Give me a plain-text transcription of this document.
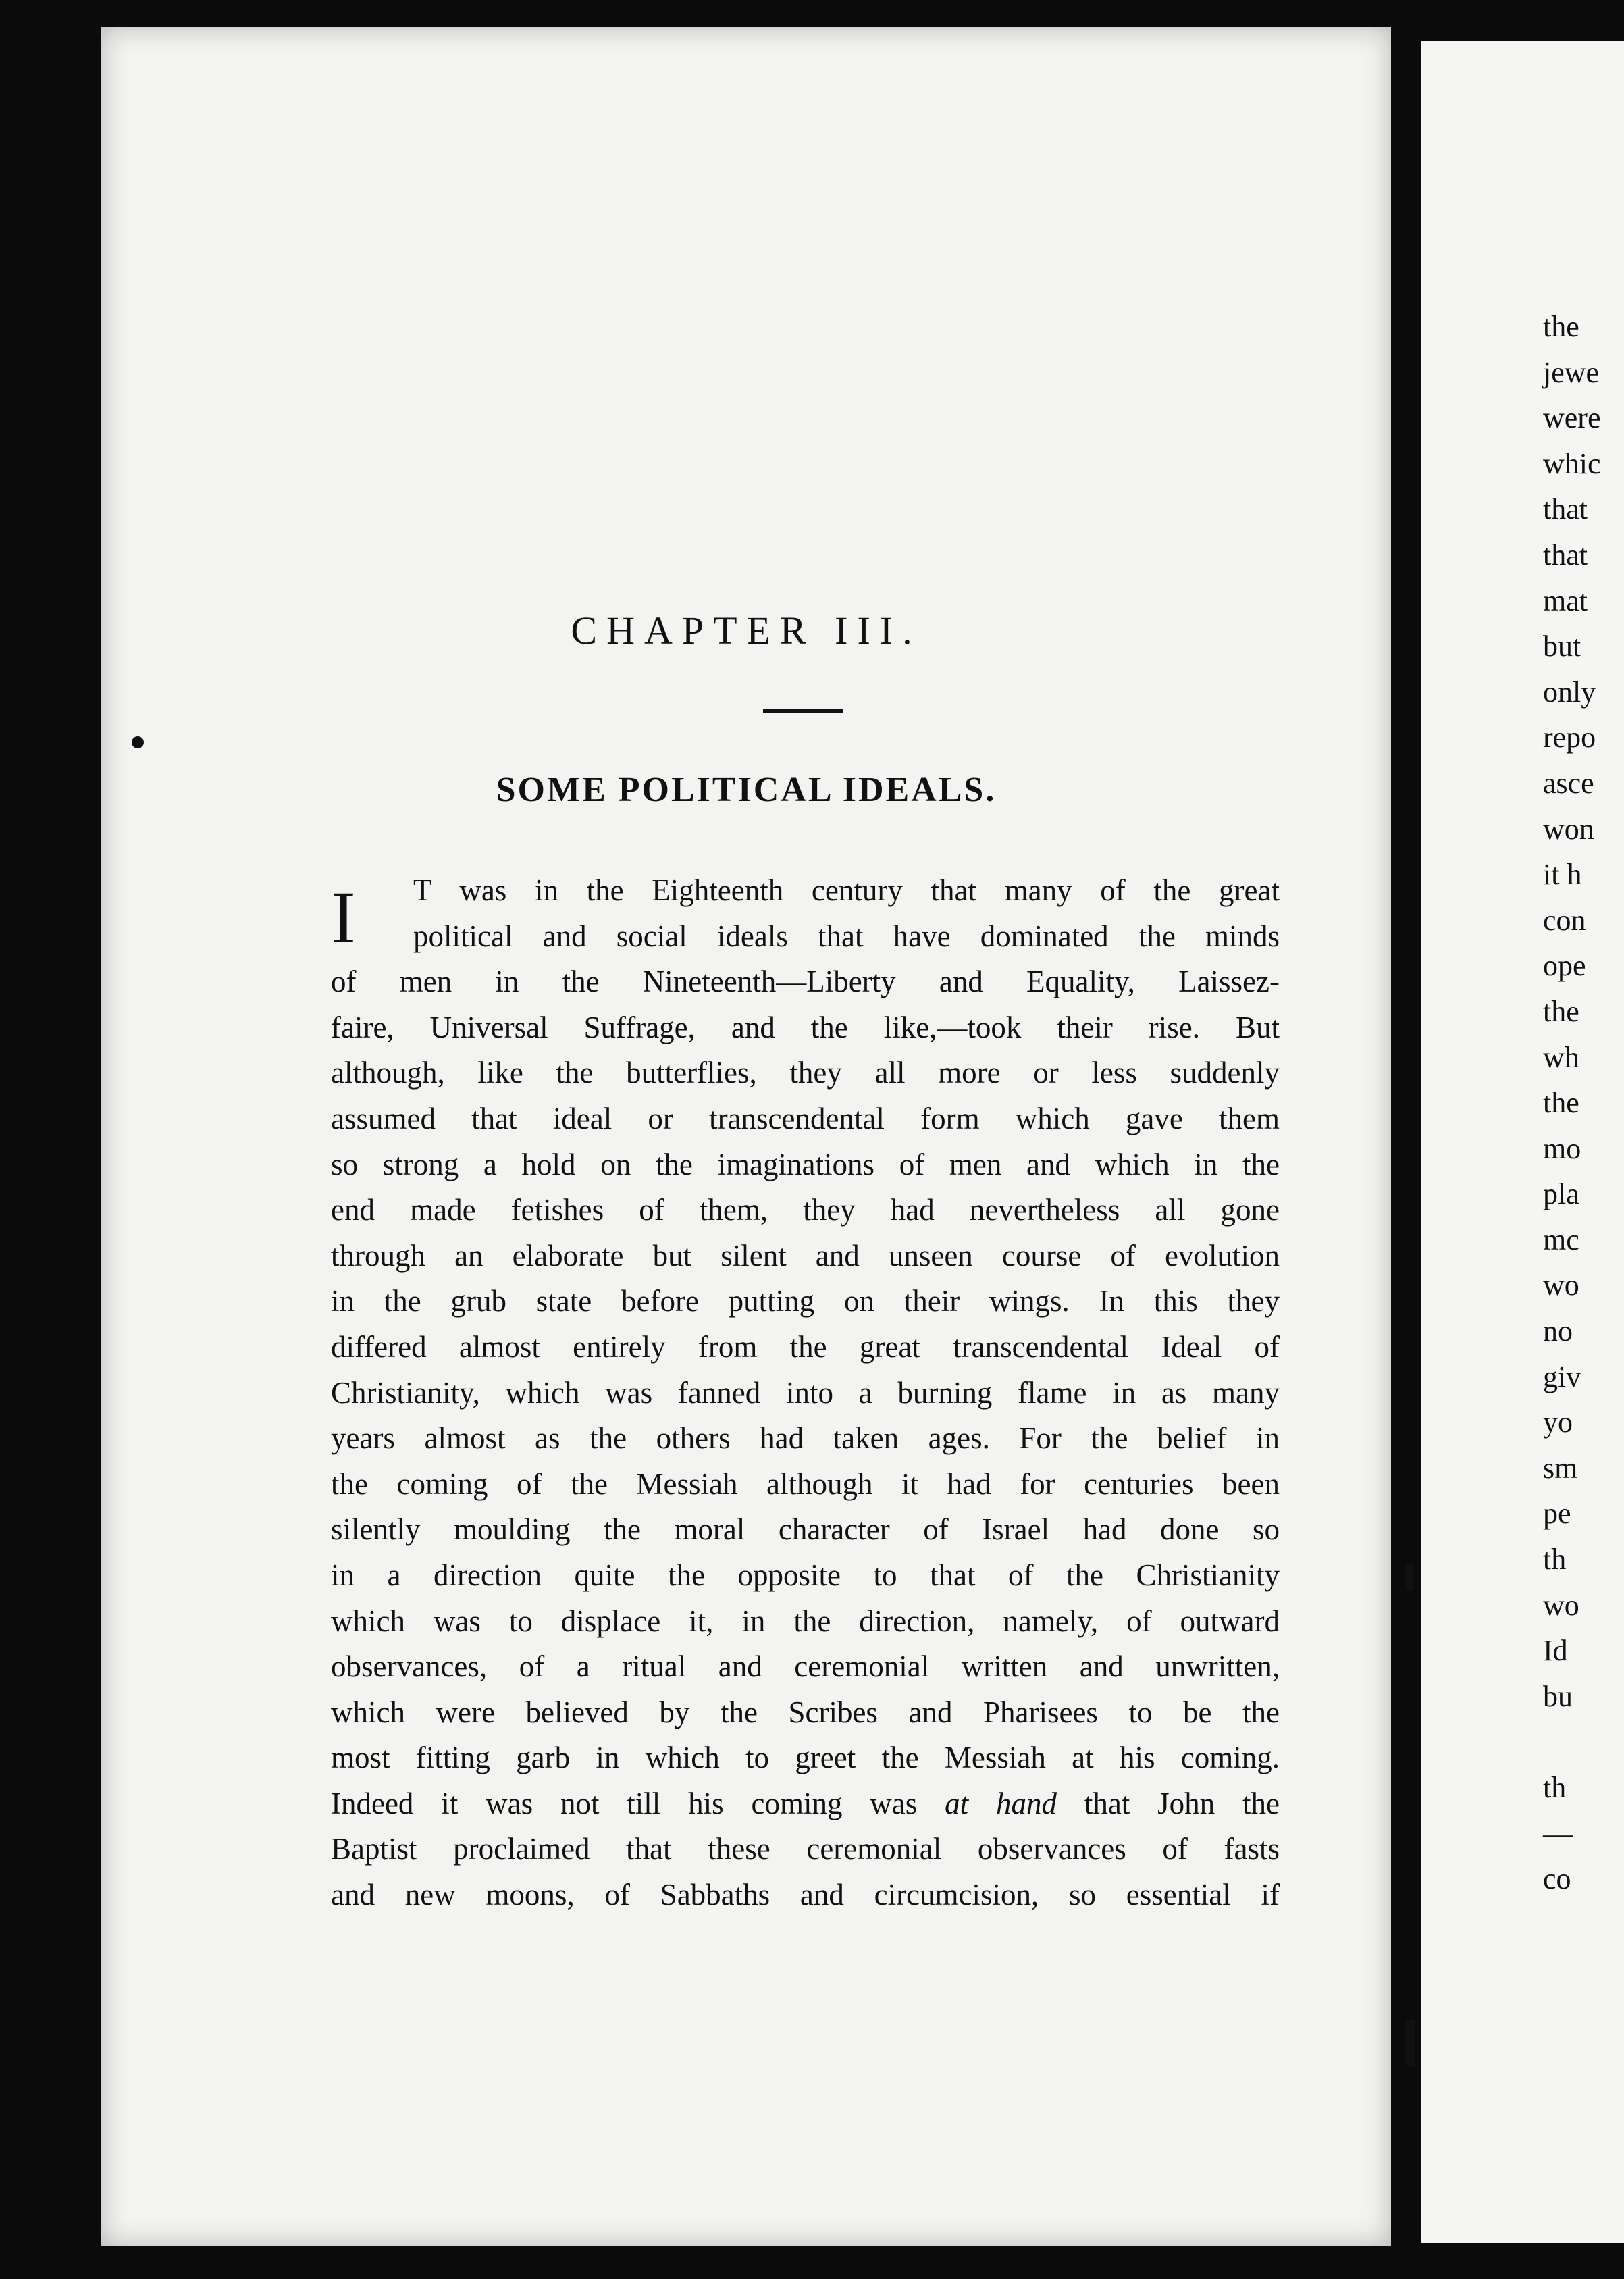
CHAPTER III.
SOME POLITICAL IDEALS.
I T was in the Eighteenth century that many of the great
political and social ideals that have dominated the minds
of men in the Nineteenth—Liberty and Equality, Laissez-
faire, Universal Suffrage, and the like,—took their rise. But
although, like the butterflies, they all more or less suddenly
assumed that ideal or transcendental form which gave them
so strong a hold on the imaginations of men and which in the
end made fetishes of them, they had nevertheless all gone
through an elaborate but silent and unseen course of evolution
in the grub state before putting on their wings. In this they
differed almost entirely from the great transcendental Ideal of
Christianity, which was fanned into a burning flame in as many
years almost as the others had taken ages. For the belief in
the coming of the Messiah although it had for centuries been
silently moulding the moral character of Israel had done so
in a direction quite the opposite to that of the Christianity
which was to displace it, in the direction, namely, of outward
observances, of a ritual and ceremonial written and unwritten,
which were believed by the Scribes and Pharisees to be the
most fitting garb in which to greet the Messiah at his coming.
Indeed it was not till his coming was at hand that John the
Baptist proclaimed that these ceremonial observances of fasts
and new moons, of Sabbaths and circumcision, so essential if
the
jewe
were
whic
that
that
mat
but
only
repo
asce
won
it h
con
ope
the
wh
the
mo
pla
mc
wo
no
giv
yo
sm
pe
th
wo
Id
bu
th
—
co
